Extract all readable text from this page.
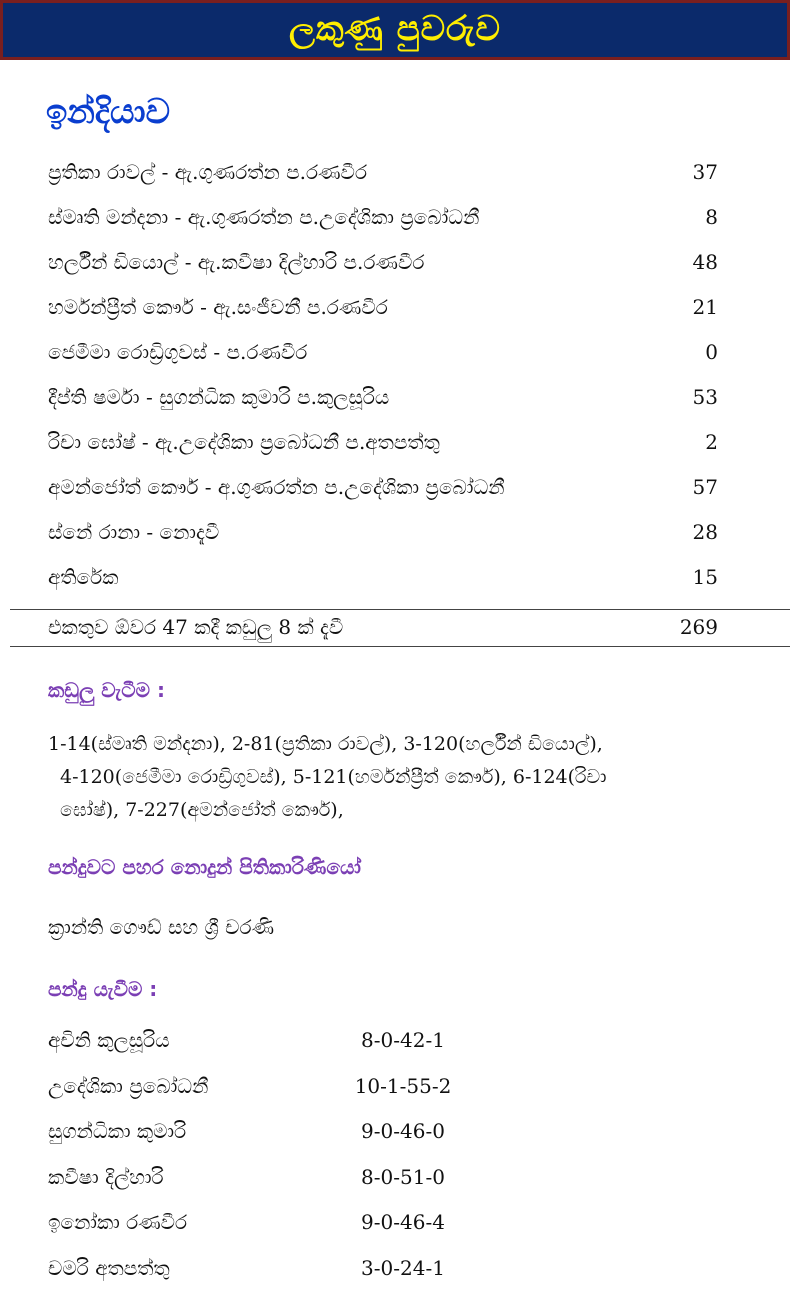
ලකුණු පුවරුව
ඉන්දියාව
ප්‍රතිකා රාවල් - ඇ.ගුණරත්න ප.රණවීර	37
ස්මෘති මන්දනා - ඇ.ගුණරත්න ප.උදේශිකා ප්‍රබෝධනී	8
හර්ලීන් ඩියොල් - ඇ.කවීෂා දිල්හාරි ප.රණවීර	48
හර්මන්ප්‍රීත් කෞර් - ඇ.සංජීවනී ප.රණවීර	21
ජෙමීමා රොඩ්‍රිගුවස් - ප.රණවීර	0
දීප්ති ෂර්මා - සුගන්ධික කුමාරි ප.කුලසූරිය	53
රිචා ඝෝෂ් - ඇ.උදේශිකා ප්‍රබෝධනී ප.අතපත්තු	2
අමන්ජෝත් කෞර් - අ.ගුණරත්න ප.උදේශිකා ප්‍රබෝධනී	57
ස්නේ රානා - නොදැවී	28
අතිරේක	15
එකතුව ඕවර 47 කදී කඩුලු 8 ක් දැවී	269
කඩුලු වැටීම :
1-14(ස්මෘති මන්දනා), 2-81(ප්‍රතිකා රාවල්), 3-120(හර්ලීන් ඩියොල්),
4-120(ජෙමීමා රොඩ්‍රිගුවස්), 5-121(හර්මන්ප්‍රීත් කෞර්), 6-124(රිචා
ඝෝෂ්), 7-227(අමන්ජෝත් කෞර්),
පන්දුවට පහර නොදුන් පිතිකාරිණියෝ
ක්‍රාන්ති ගෞඩ් සහ ශ්‍රී චරණි
පන්දු යැවීම :
අචිනි කුලසූරිය	8-0-42-1
උදේශිකා ප්‍රබෝධනී	10-1-55-2
සුගන්ධිකා කුමාරි	9-0-46-0
කවීෂා දිල්හාරි	8-0-51-0
ඉනෝකා රණවීර	9-0-46-4
චමරි අතපත්තු	3-0-24-1
